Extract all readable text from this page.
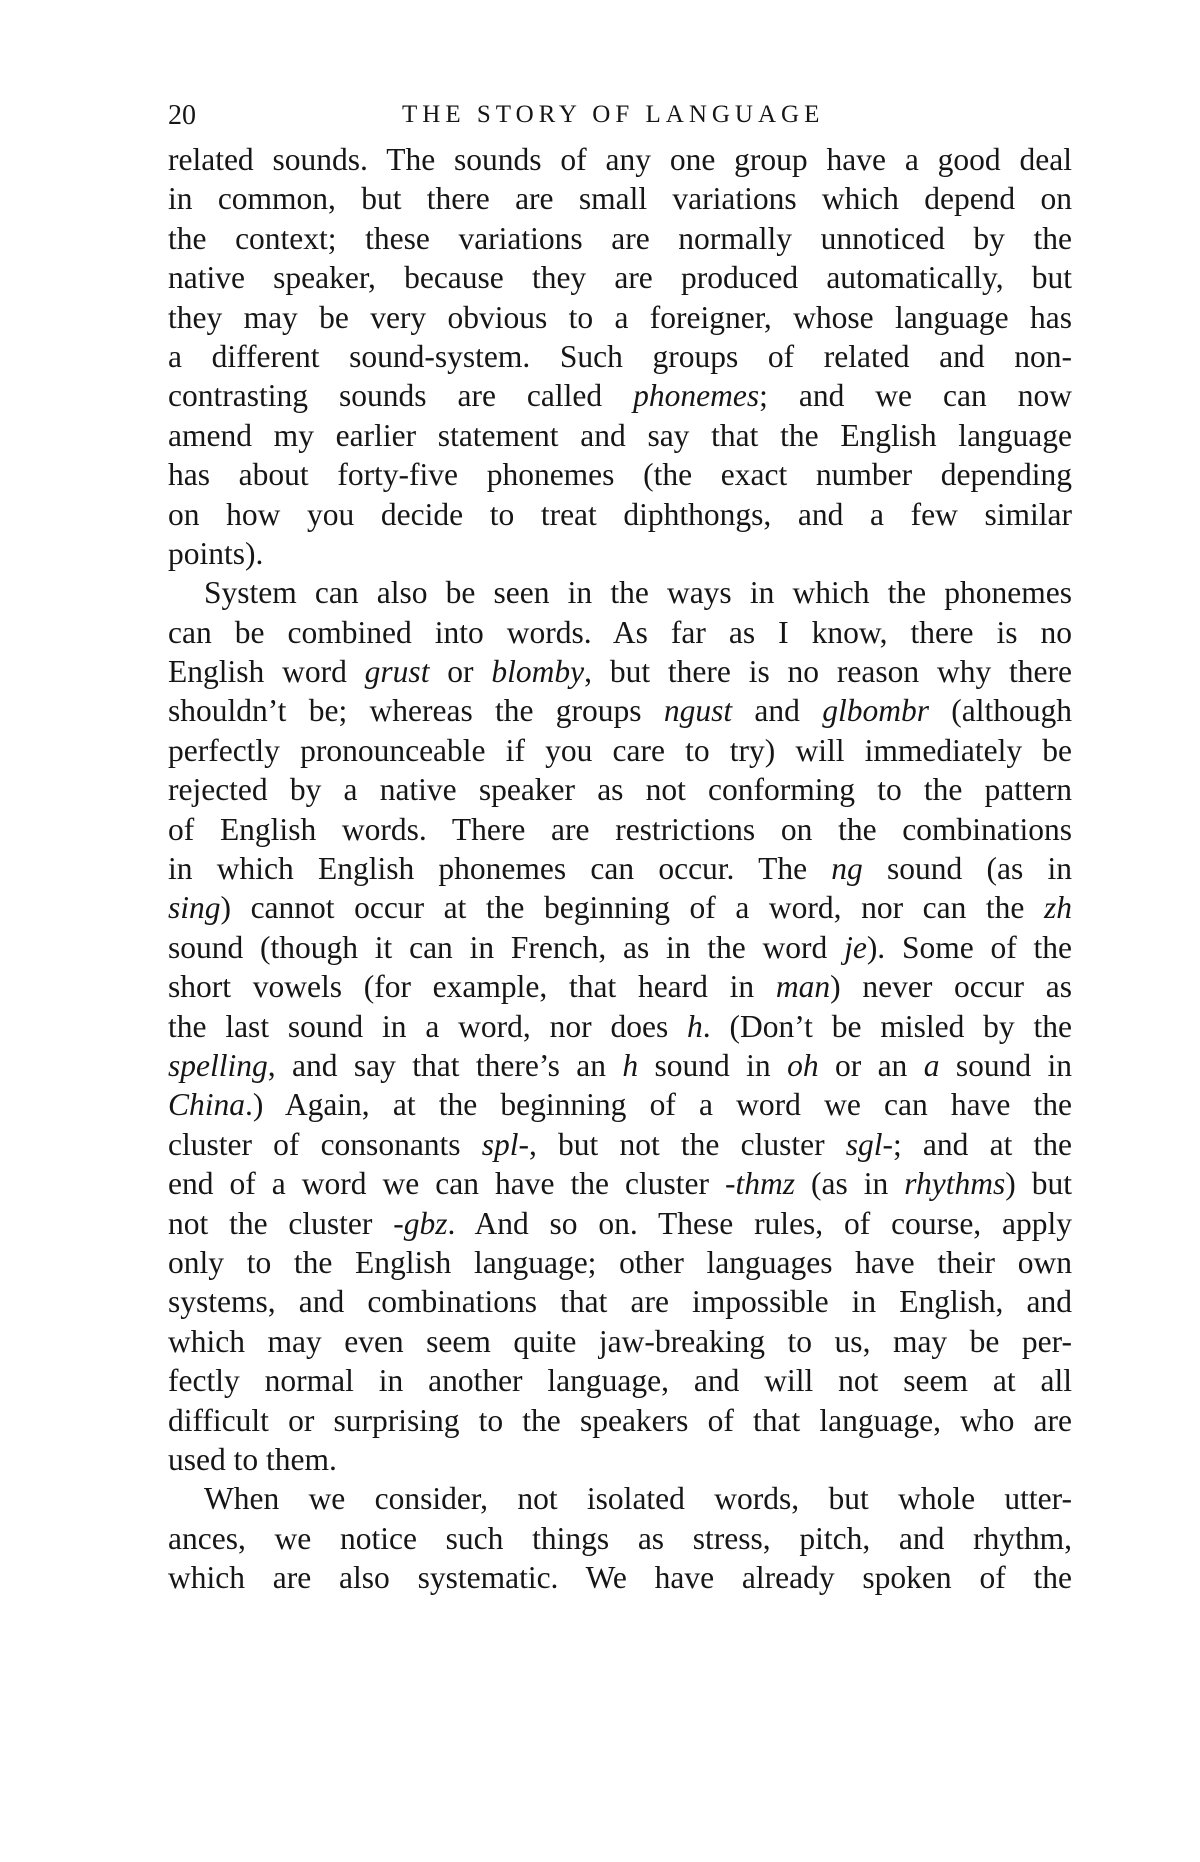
20	THE STORY OF LANGUAGE
related sounds. The sounds of any one group have a good deal
in common, but there are small variations which depend on
the context; these variations are normally unnoticed by the
native speaker, because they are produced automatically, but
they may be very obvious to a foreigner, whose language has
a different sound-system. Such groups of related and non-
contrasting sounds are called phonemes; and we can now
amend my earlier statement and say that the English language
has about forty-five phonemes (the exact number depending
on how you decide to treat diphthongs, and a few similar
points).
System can also be seen in the ways in which the phonemes
can be combined into words. As far as I know, there is no
English word grust or blomby, but there is no reason why there
shouldn’t be; whereas the groups ngust and glbombr (although
perfectly pronounceable if you care to try) will immediately be
rejected by a native speaker as not conforming to the pattern
of English words. There are restrictions on the combinations
in which English phonemes can occur. The ng sound (as in
sing) cannot occur at the beginning of a word, nor can the zh
sound (though it can in French, as in the word je). Some of the
short vowels (for example, that heard in man) never occur as
the last sound in a word, nor does h. (Don’t be misled by the
spelling, and say that there’s an h sound in oh or an a sound in
China.) Again, at the beginning of a word we can have the
cluster of consonants spl-, but not the cluster sgl-; and at the
end of a word we can have the cluster -thmz (as in rhythms) but
not the cluster -gbz. And so on. These rules, of course, apply
only to the English language; other languages have their own
systems, and combinations that are impossible in English, and
which may even seem quite jaw-breaking to us, may be per-
fectly normal in another language, and will not seem at all
difficult or surprising to the speakers of that language, who are
used to them.
When we consider, not isolated words, but whole utter-
ances, we notice such things as stress, pitch, and rhythm,
which are also systematic. We have already spoken of the
